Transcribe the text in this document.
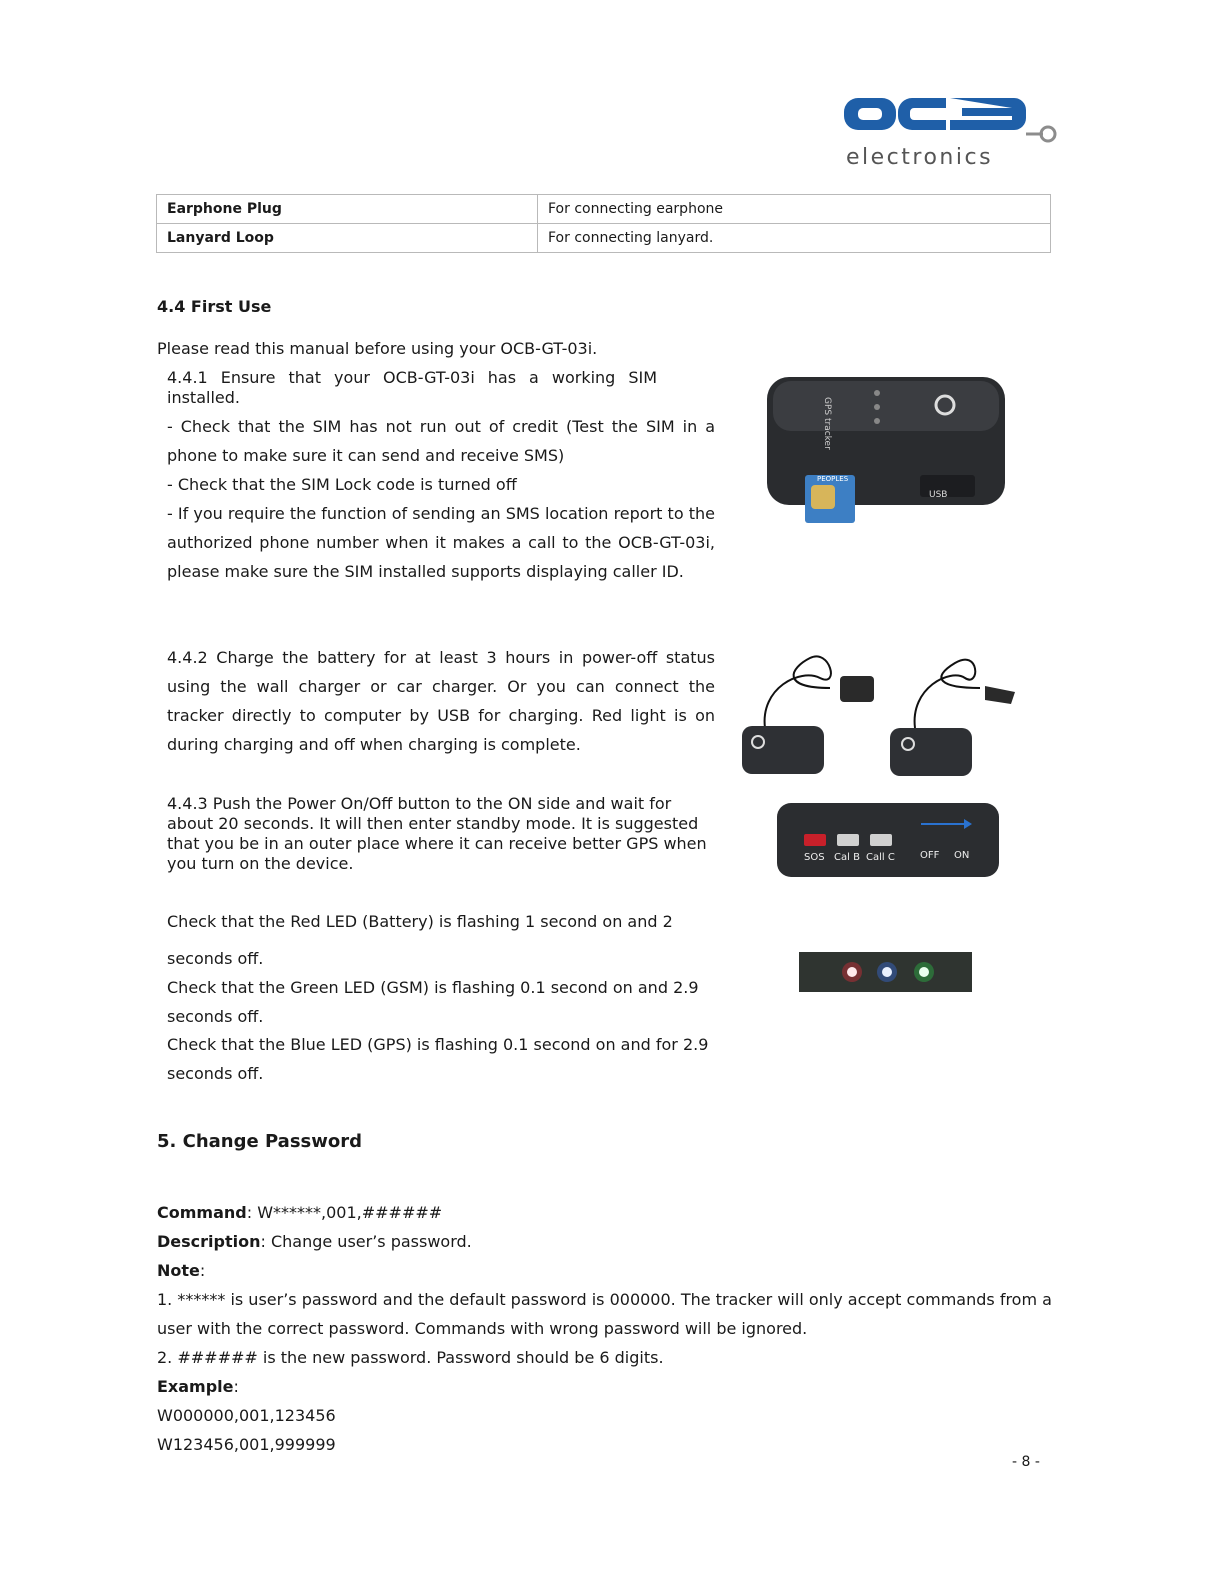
electronics
Earphone Plug	For connecting earphone
Lanyard Loop	For connecting lanyard.
4.4 First Use
Please read this manual before using your OCB-GT-03i.
4.4.1 Ensure that your OCB-GT-03i has a working SIM installed.
- Check that the SIM has not run out of credit (Test the SIM in a phone to make sure it can send and receive SMS)
- Check that the SIM Lock code is turned off
- If you require the function of sending an SMS location report to the authorized phone number when it makes a call to the OCB-GT-03i, please make sure the SIM installed supports displaying caller ID.
4.4.2 Charge the battery for at least 3 hours in power-off status using the wall charger or car charger. Or you can connect the tracker directly to computer by USB for charging. Red light is on during charging and off when charging is complete.
4.4.3 Push the Power On/Off button to the ON side and wait for about 20 seconds. It will then enter standby mode. It is suggested that you be in an outer place where it can receive better GPS when you turn on the device.
Check that the Red LED (Battery) is flashing 1 second on and 2
seconds off.
Check that the Green LED (GSM) is flashing 0.1 second on and 2.9 seconds off.
Check that the Blue LED (GPS) is flashing 0.1 second on and for 2.9 seconds off.
GPS tracker
PEOPLES
USB
SOS Cal B Call C	OFF ON
5. Change Password
Command: W******,001,######
Description: Change user’s password.
Note:
1. ****** is user’s password and the default password is 000000. The tracker will only accept commands from a user with the correct password. Commands with wrong password will be ignored.
2. ###### is the new password. Password should be 6 digits.
Example:
W000000,001,123456
W123456,001,999999
- 8 -
